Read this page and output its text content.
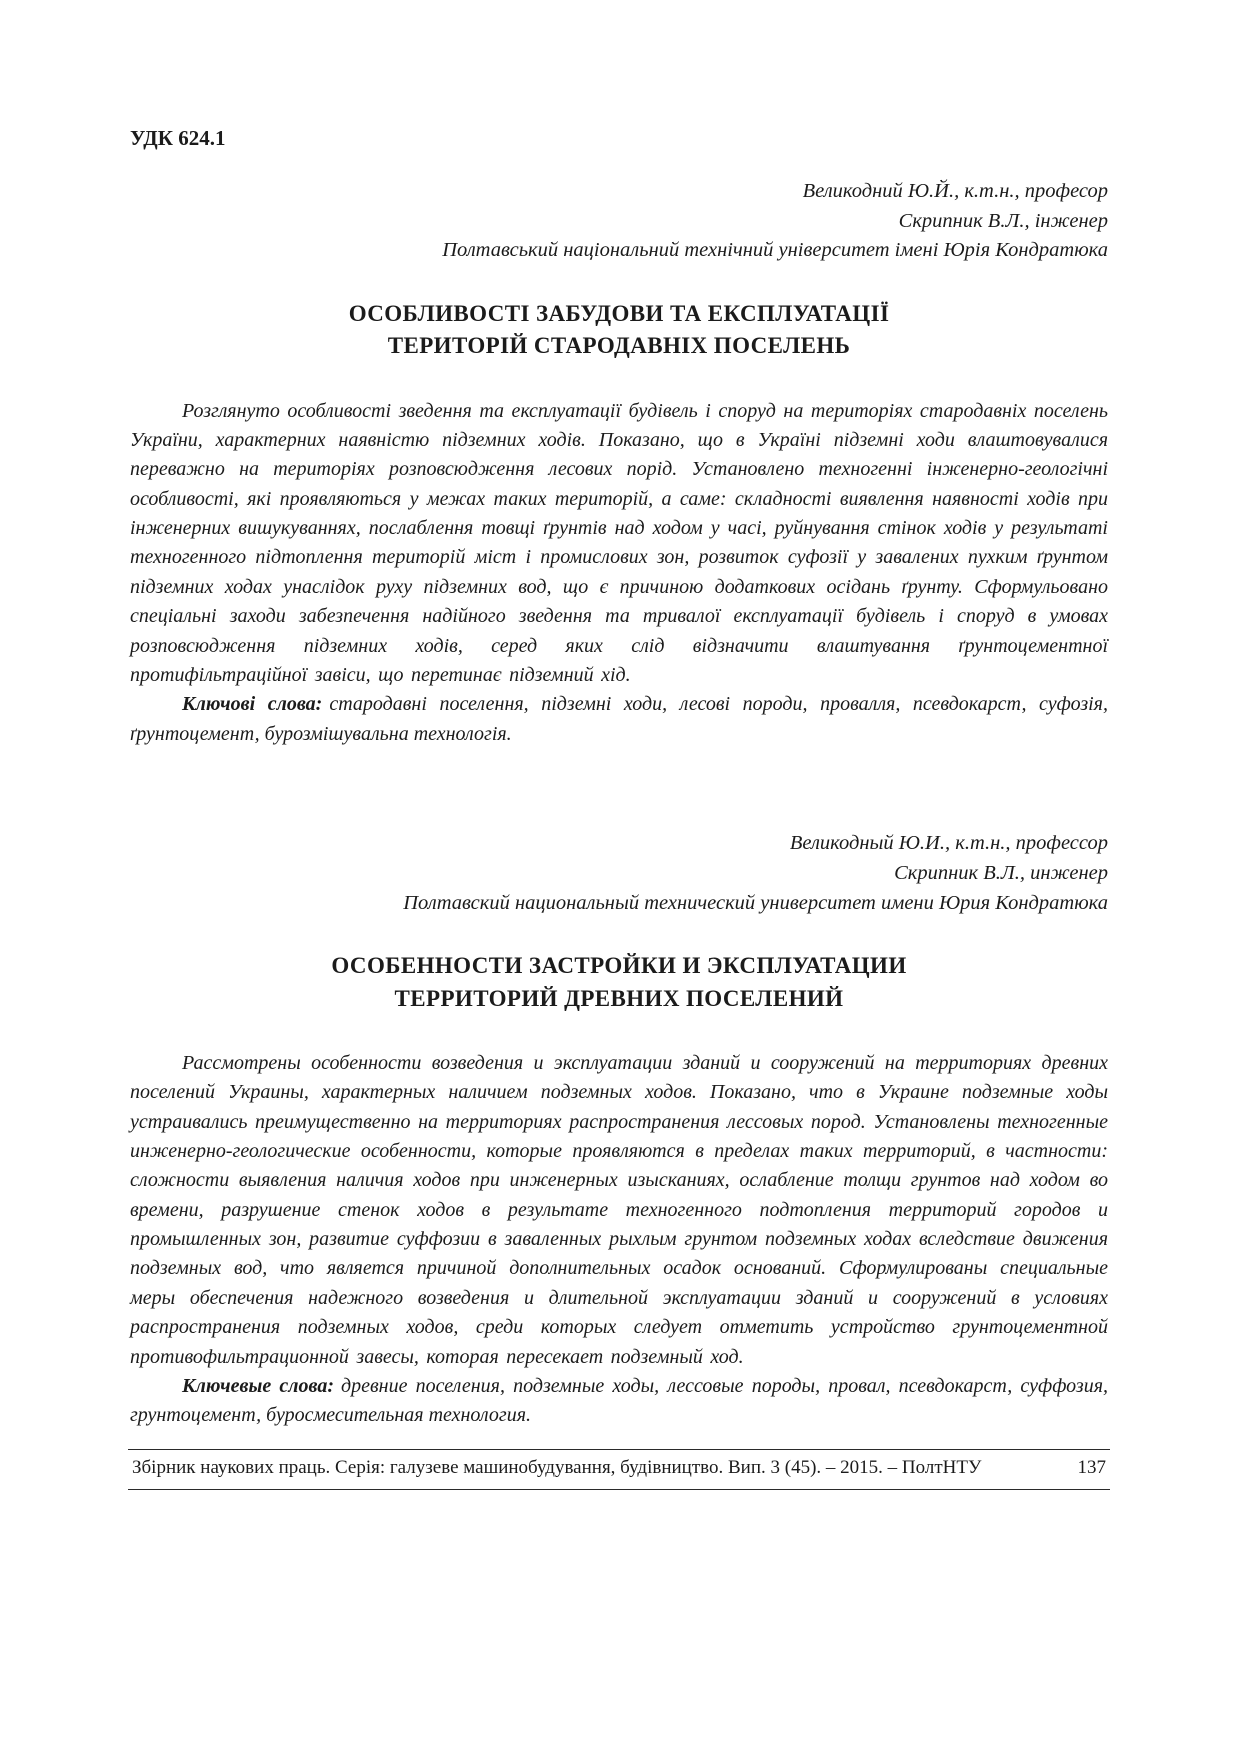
УДК 624.1
Великодний Ю.Й., к.т.н., професор
Скрипник В.Л., інженер
Полтавський національний технічний університет імені Юрія Кондратюка
ОСОБЛИВОСТІ ЗАБУДОВИ ТА ЕКСПЛУАТАЦІЇ
ТЕРИТОРІЙ СТАРОДАВНІХ ПОСЕЛЕНЬ

Розглянуто особливості зведення та експлуатації будівель і споруд на територіях стародавніх поселень України, характерних наявністю підземних ходів. Показано, що в Україні підземні ходи влаштовувалися переважно на територіях розповсюдження лесових порід. Установлено техногенні інженерно-геологічні особливості, які проявляються у межах таких територій, а саме: складності виявлення наявності ходів при інженерних вишукуваннях, послаблення товщі ґрунтів над ходом у часі, руйнування стінок ходів у результаті техногенного підтоплення територій міст і промислових зон, розвиток суфозії у завалених пухким ґрунтом підземних ходах унаслідок руху підземних вод, що є причиною додаткових осідань ґрунту. Сформульовано спеціальні заходи забезпечення надійного зведення та тривалої експлуатації будівель і споруд в умовах розповсюдження підземних ходів, серед яких слід відзначити влаштування ґрунтоцементної протифільтраційної завіси, що перетинає підземний хід.

Ключові слова: стародавні поселення, підземні ходи, лесові породи, провалля, псевдокарст, суфозія, ґрунтоцемент, бурозмішувальна технологія.

Великодный Ю.И., к.т.н., профессор
Скрипник В.Л., инженер
Полтавский национальный технический университет имени Юрия Кондратюка
ОСОБЕННОСТИ ЗАСТРОЙКИ И ЭКСПЛУАТАЦИИ
ТЕРРИТОРИЙ ДРЕВНИХ ПОСЕЛЕНИЙ

Рассмотрены особенности возведения и эксплуатации зданий и сооружений на территориях древних поселений Украины, характерных наличием подземных ходов. Показано, что в Украине подземные ходы устраивались преимущественно на территориях распространения лессовых пород. Установлены техногенные инженерно-геологические особенности, которые проявляются в пределах таких территорий, в частности: сложности выявления наличия ходов при инженерных изысканиях, ослабление толщи грунтов над ходом во времени, разрушение стенок ходов в результате техногенного подтопления территорий городов и промышленных зон, развитие суффозии в заваленных рыхлым грунтом подземных ходах вследствие движения подземных вод, что является причиной дополнительных осадок оснований. Сформулированы специальные меры обеспечения надежного возведения и длительной эксплуатации зданий и сооружений в условиях распространения подземных ходов, среди которых следует отметить устройство грунтоцементной противофильтрационной завесы, которая пересекает подземный ход.

Ключевые слова: древние поселения, подземные ходы, лессовые породы, провал, псевдокарст, суффозия, грунтоцемент, буросмесительная технология.

Збірник наукових праць. Серія: галузеве машинобудування, будівництво. Вип. 3 (45). – 2015. – ПолтНТУ	137
